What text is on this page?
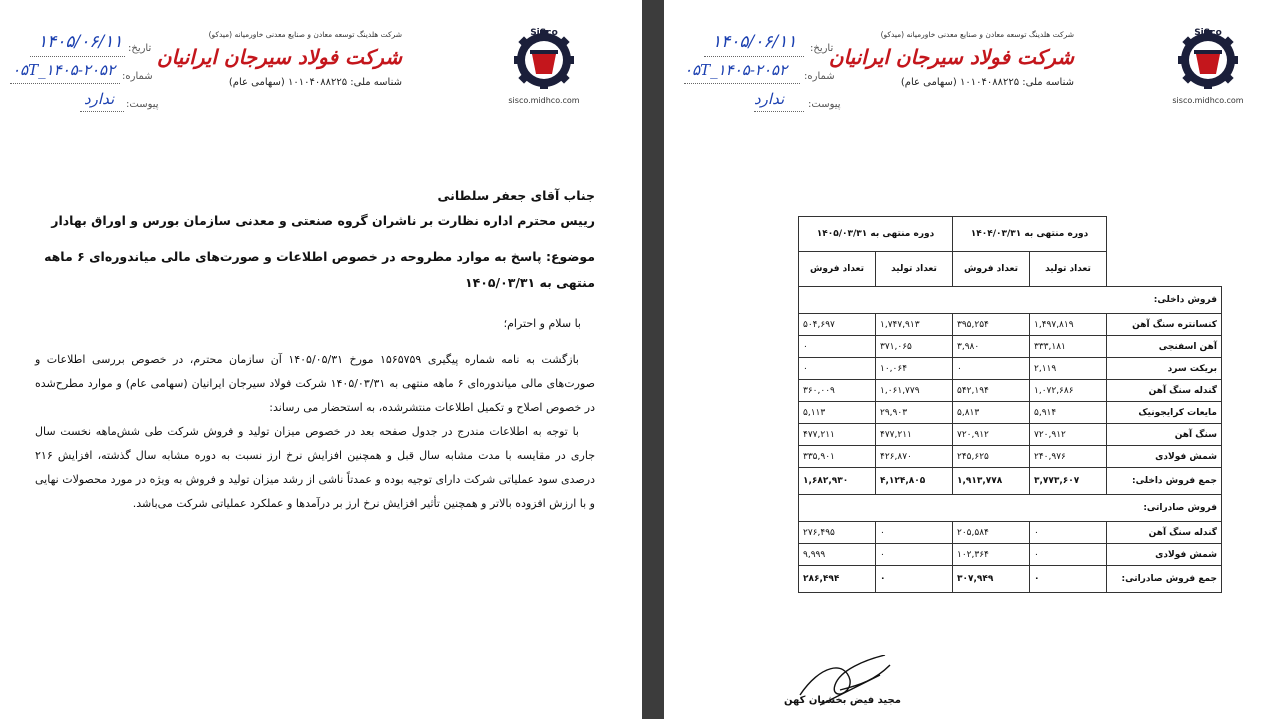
تاریخ:
شماره:
پیوست:
۱۴۰۵/۰۶/۱۱
۰۵T_۱۴۰۵-۲۰۵۲
ندارد
شرکت هلدینگ توسعه معادن و صنایع معدنی خاورمیانه (میدکو)
شرکت فولاد سیرجان ایرانیان
شناسه ملی: ۱۰۱۰۴۰۸۸۲۲۵ (سهامی عام)
SiSco
sisco.midhco.com
جناب آقای جعفر سلطانی
رییس محترم اداره نظارت بر ناشران گروه صنعتی و معدنی سازمان بورس و اوراق بهادار
موضوع: پاسخ به موارد مطروحه در خصوص اطلاعات و صورت‌های مالی میاندوره‌ای ۶ ماهه منتهی به ۱۴۰۵/۰۳/۳۱
با سلام و احترام؛
بازگشت به نامه شماره پیگیری ۱۵۶۵۷۵۹ مورخ ۱۴۰۵/۰۵/۳۱ آن سازمان محترم، در خصوص بررسی اطلاعات و صورت‌های مالی میاندوره‌ای ۶ ماهه منتهی به ۱۴۰۵/۰۳/۳۱ شرکت فولاد سیرجان ایرانیان (سهامی عام) و موارد مطرح‌شده در خصوص اصلاح و تکمیل اطلاعات منتشرشده، به استحضار می رساند:
با توجه به اطلاعات مندرج در جدول صفحه بعد در خصوص میزان تولید و فروش شرکت طی شش‌ماهه نخست سال جاری در مقایسه با مدت مشابه سال قبل و همچنین افزایش نرخ ارز نسبت به دوره مشابه سال گذشته، افزایش ۲۱۶ درصدی سود عملیاتی شرکت دارای توجیه بوده و عمدتاً ناشی از رشد میزان تولید و فروش به ویژه در مورد محصولات نهایی و با ارزش افزوده بالاتر و همچنین تأثیر افزایش نرخ ارز بر درآمدها و عملکرد عملیاتی شرکت می‌باشد.
تاریخ:
شماره:
پیوست:
۱۴۰۵/۰۶/۱۱
۰۵T_۱۴۰۵-۲۰۵۲
ندارد
شرکت هلدینگ توسعه معادن و صنایع معدنی خاورمیانه (میدکو)
شرکت فولاد سیرجان ایرانیان
شناسه ملی: ۱۰۱۰۴۰۸۸۲۲۵ (سهامی عام)
SiSco
sisco.midhco.com
	دوره منتهی به ۱۴۰۴/۰۳/۳۱		دوره منتهی به ۱۴۰۵/۰۳/۳۱	
	تعداد تولید	تعداد فروش	تعداد تولید	تعداد فروش
فروش داخلی:				
کنسانتره سنگ آهن	۱,۴۹۷,۸۱۹	۳۹۵,۲۵۴	۱,۷۴۷,۹۱۳	۵۰۴,۶۹۷
آهن اسفنجی	۳۳۳,۱۸۱	۳,۹۸۰	۳۷۱,۰۶۵	۰
بریکت سرد	۲,۱۱۹	۰	۱۰,۰۶۴	۰
گندله سنگ آهن	۱,۰۷۲,۶۸۶	۵۴۲,۱۹۴	۱,۰۶۱,۷۷۹	۳۶۰,۰۰۹
مایعات کرایجونیک	۵,۹۱۴	۵,۸۱۳	۲۹,۹۰۳	۵,۱۱۳
سنگ آهن	۷۲۰,۹۱۲	۷۲۰,۹۱۲	۴۷۷,۲۱۱	۴۷۷,۲۱۱
شمش فولادی	۲۴۰,۹۷۶	۲۴۵,۶۲۵	۴۲۶,۸۷۰	۳۳۵,۹۰۱
جمع فروش داخلی:	۳,۷۷۳,۶۰۷	۱,۹۱۳,۷۷۸	۴,۱۲۴,۸۰۵	۱,۶۸۲,۹۳۰
فروش صادراتی:				
گندله سنگ آهن	۰	۲۰۵,۵۸۴	۰	۲۷۶,۴۹۵
شمش فولادی	۰	۱۰۲,۳۶۴	۰	۹,۹۹۹
جمع فروش صادراتی:	۰	۳۰۷,۹۴۹	۰	۲۸۶,۴۹۴
مجید فیض بخشیان کهن
